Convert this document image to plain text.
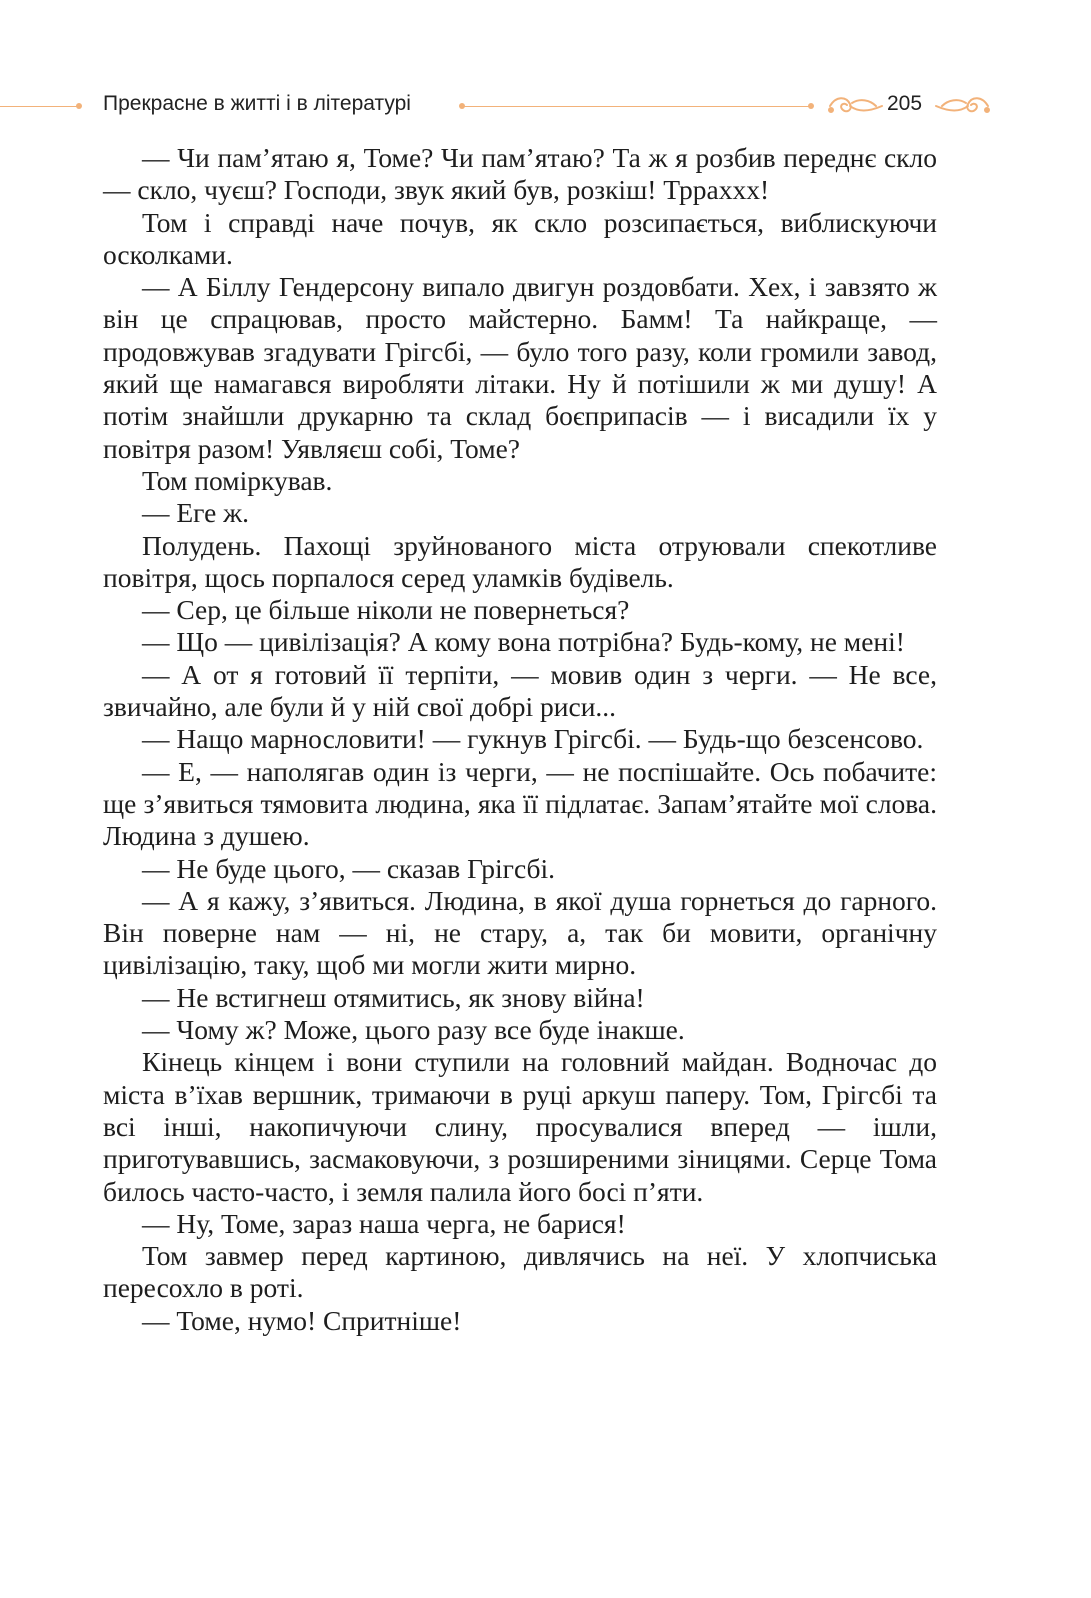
Прекрасне в житті і в літературі	205

— Чи пам’ятаю я, Томе? Чи пам’ятаю? Та ж я розбив переднє скло — скло, чуєш? Господи, звук який був, розкіш! Трраххх!

Том і справді наче почув, як скло розсипається, виблискуючи осколками.

— А Біллу Гендерсону випало двигун роздовбати. Хех, і завзято ж він це спрацював, просто майстерно. Бамм! Та найкраще, — продовжував згадувати Грігсбі, — було того разу, коли громили завод, який ще намагався виробляти літаки. Ну й потішили ж ми душу! А потім знайшли друкарню та склад боєприпасів — і висадили їх у повітря разом! Уявляєш собі, Томе?

Том поміркував.

— Еге ж.

Полудень. Пахощі зруйнованого міста отруювали спекотливе повітря, щось порпалося серед уламків будівель.

— Сер, це більше ніколи не повернеться?

— Що — цивілізація? А кому вона потрібна? Будь-кому, не мені!

— А от я готовий її терпіти, — мовив один з черги. — Не все, звичайно, але були й у ній свої добрі риси...

— Нащо марнословити! — гукнув Грігсбі. — Будь-що безсенсово.

— Е, — наполягав один із черги, — не поспішайте. Ось побачите: ще з’явиться тямовита людина, яка її підлатає. Запам’ятайте мої слова. Людина з душею.

— Не буде цього, — сказав Грігсбі.

— А я кажу, з’явиться. Людина, в якої душа горнеться до гарного. Він поверне нам — ні, не стару, а, так би мовити, органічну цивілізацію, таку, щоб ми могли жити мирно.

— Не встигнеш отямитись, як знову війна!

— Чому ж? Може, цього разу все буде інакше.

Кінець кінцем і вони ступили на головний майдан. Водночас до міста в’їхав вершник, тримаючи в руці аркуш паперу. Том, Грігсбі та всі інші, накопичуючи слину, просувалися вперед — ішли, приготувавшись, засмаковуючи, з розширеними зіницями. Серце Тома билось часто-часто, і земля палила його босі п’яти.

— Ну, Томе, зараз наша черга, не барися!

Том завмер перед картиною, дивлячись на неї. У хлопчиська пересохло в роті.

— Томе, нумо! Спритніше!
